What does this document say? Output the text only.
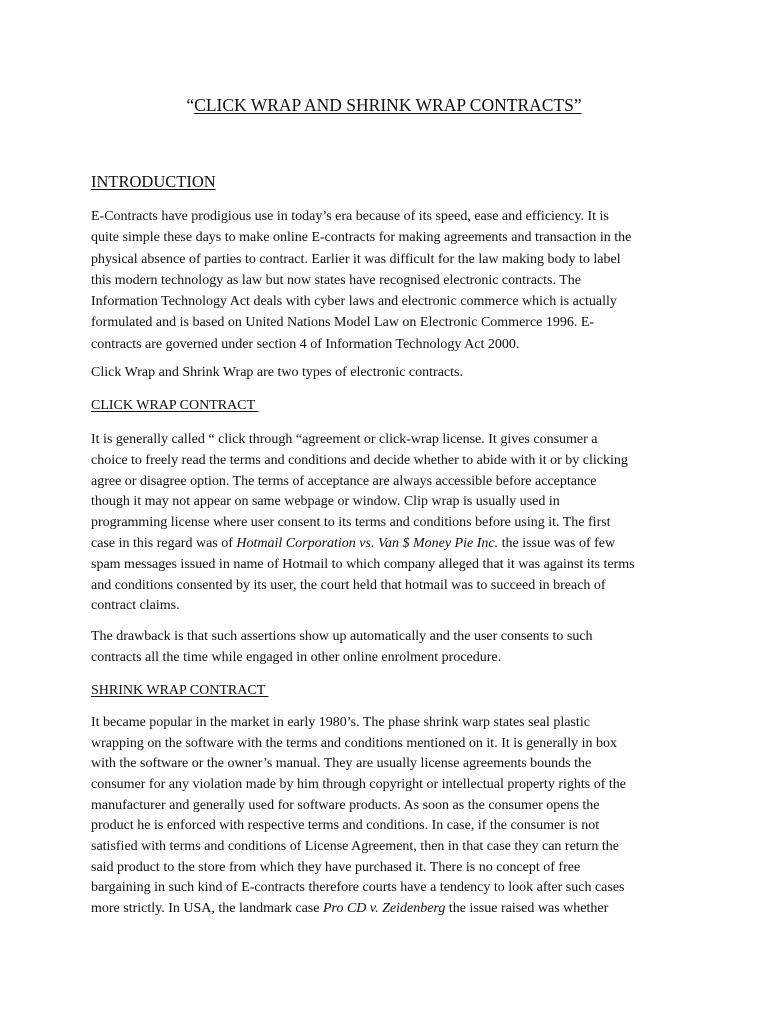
“CLICK WRAP AND SHRINK WRAP CONTRACTS”
INTRODUCTION

E-Contracts have prodigious use in today’s era because of its speed, ease and efficiency. It is
quite simple these days to make online E-contracts for making agreements and transaction in the
physical absence of parties to contract. Earlier it was difficult for the law making body to label
this modern technology as law but now states have recognised electronic contracts. The
Information Technology Act deals with cyber laws and electronic commerce which is actually
formulated and is based on United Nations Model Law on Electronic Commerce 1996. E-
contracts are governed under section 4 of Information Technology Act 2000.

Click Wrap and Shrink Wrap are two types of electronic contracts.

CLICK WRAP CONTRACT

It is generally called “ click through “agreement or click-wrap license. It gives consumer a
choice to freely read the terms and conditions and decide whether to abide with it or by clicking
agree or disagree option. The terms of acceptance are always accessible before acceptance
though it may not appear on same webpage or window. Clip wrap is usually used in
programming license where user consent to its terms and conditions before using it. The first
case in this regard was of Hotmail Corporation vs. Van $ Money Pie Inc. the issue was of few
spam messages issued in name of Hotmail to which company alleged that it was against its terms
and conditions consented by its user, the court held that hotmail was to succeed in breach of
contract claims.

The drawback is that such assertions show up automatically and the user consents to such
contracts all the time while engaged in other online enrolment procedure.

SHRINK WRAP CONTRACT

It became popular in the market in early 1980’s. The phase shrink warp states seal plastic
wrapping on the software with the terms and conditions mentioned on it. It is generally in box
with the software or the owner’s manual. They are usually license agreements bounds the
consumer for any violation made by him through copyright or intellectual property rights of the
manufacturer and generally used for software products. As soon as the consumer opens the
product he is enforced with respective terms and conditions. In case, if the consumer is not
satisfied with terms and conditions of License Agreement, then in that case they can return the
said product to the store from which they have purchased it. There is no concept of free
bargaining in such kind of E-contracts therefore courts have a tendency to look after such cases
more strictly. In USA, the landmark case Pro CD v. Zeidenberg the issue raised was whether
